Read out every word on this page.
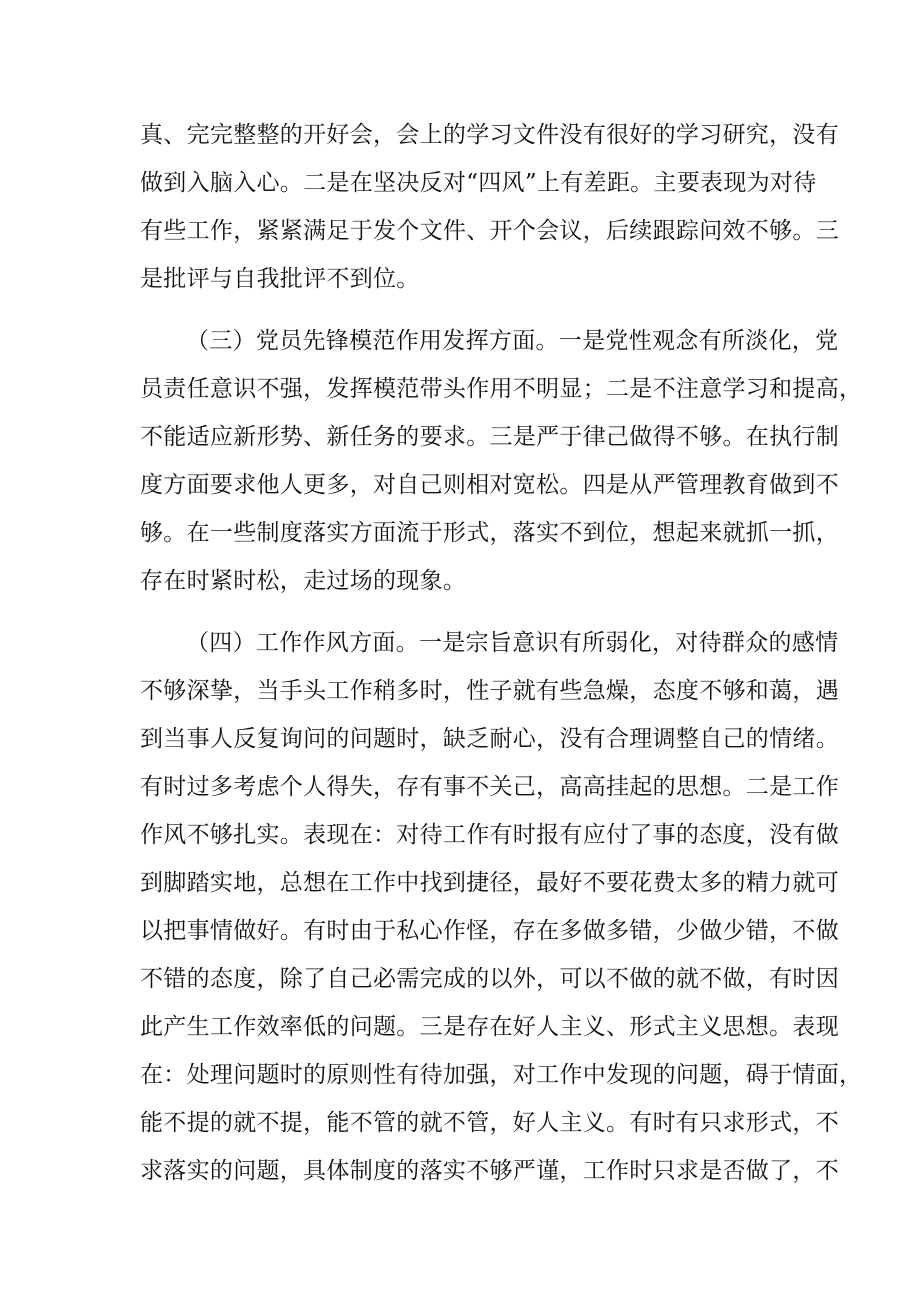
真、完完整整的开好会，会上的学习文件没有很好的学习研究，没有
做到入脑入心。二是在坚决反对“四风”上有差距。主要表现为对待
有些工作，紧紧满足于发个文件、开个会议，后续跟踪问效不够。三
是批评与自我批评不到位。
（三）党员先锋模范作用发挥方面。一是党性观念有所淡化，党
员责任意识不强，发挥模范带头作用不明显；二是不注意学习和提高，
不能适应新形势、新任务的要求。三是严于律己做得不够。在执行制
度方面要求他人更多，对自己则相对宽松。四是从严管理教育做到不
够。在一些制度落实方面流于形式，落实不到位，想起来就抓一抓，
存在时紧时松，走过场的现象。
（四）工作作风方面。一是宗旨意识有所弱化，对待群众的感情
不够深挚，当手头工作稍多时，性子就有些急燥，态度不够和蔼，遇
到当事人反复询问的问题时，缺乏耐心，没有合理调整自己的情绪。
有时过多考虑个人得失，存有事不关己，高高挂起的思想。二是工作
作风不够扎实。表现在：对待工作有时报有应付了事的态度，没有做
到脚踏实地，总想在工作中找到捷径，最好不要花费太多的精力就可
以把事情做好。有时由于私心作怪，存在多做多错，少做少错，不做
不错的态度，除了自己必需完成的以外，可以不做的就不做，有时因
此产生工作效率低的问题。三是存在好人主义、形式主义思想。表现
在：处理问题时的原则性有待加强，对工作中发现的问题，碍于情面，
能不提的就不提，能不管的就不管，好人主义。有时有只求形式，不
求落实的问题，具体制度的落实不够严谨，工作时只求是否做了，不
